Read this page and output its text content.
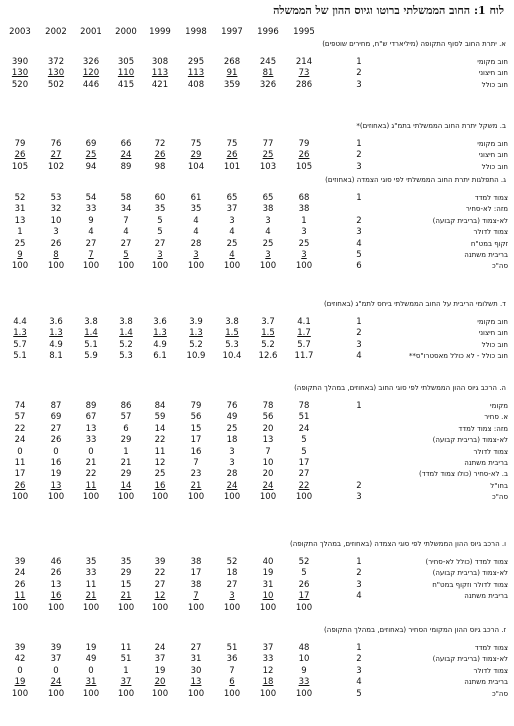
לוח 1: החוב הממשלתי ברוטו וגיוס ההון של הממשלה
2003	2002	2001	2000	1999	1998	1997	1996	1995
א. יתרת החוב לסוף התקופה (מיליארדי ש"ח, מחירים שוטפים)
390	372	326	305	308	295	268	245	214	1	חוב מקומי
130	130	120	110	113	113	91	81	73	2	חוב חיצוני
520	502	446	415	421	408	359	326	286	3	חוב כולל
ב. משקל יתרת החוב הממשלתי בתמ"ג (באחוזים)*
79	76	69	66	72	75	75	77	79	1	חוב מקומי
26	27	25	24	26	29	26	25	26	2	חוב חיצוני
105	102	94	89	98	104	101	103	105	3	חוב כולל
ג. התפלגות יתרת החוב הממשלתי לפי סוגי הצמדה (באחוזים)
52	53	54	58	60	61	65	65	68	1	צמוד למדד
31	32	33	34	35	35	37	38	38	מזה: לא-סחיר
13	10	9	7	5	4	3	3	1	2	לא-צמוד (בריבית קבועה)
1	3	4	4	5	4	4	4	3	3	צמוד לדולר
25	26	27	27	27	28	25	25	25	4	זקוף במט"ח
9	8	7	5	3	3	4	3	3	5	בריבית משתנה
100	100	100	100	100	100	100	100	100	6	סה"כ
ד. תשלומי הריבית על החוב הממשלתי ביחס לתמ"ג (באחוזים)
4.4	3.6	3.8	3.8	3.6	3.9	3.8	3.7	4.1	1	חוב מקומי
1.3	1.3	1.4	1.4	1.3	1.3	1.5	1.5	1.7	2	חוב חיצוני
5.7	4.9	5.1	5.2	4.9	5.2	5.3	5.2	5.7	3	חוב כולל
5.1	8.1	5.9	5.3	6.1	10.9	10.4	12.6	11.7	4	חוב כולל - לא כולל מאסטרו"ס**
ה. הרכב גיוס ההון הממשלתי לפי סוגי החוב (באחוזים, במהלך התקופה)
74	87	89	86	84	79	76	78	78	1	מקומי
57	69	67	57	59	56	49	56	51	א. סחיר
22	27	13	6	14	15	25	20	24	מזה: צמוד למדד
24	26	33	29	22	17	18	13	5	לא-צמוד (בריבית קבועה)
0	0	0	1	11	16	3	7	5	צמוד לדולר
11	16	21	21	12	7	3	10	17	בריבית משתנה
17	19	22	29	25	23	28	20	27	ב. לא-סחיר (כולו צמוד למדד)
26	13	11	14	16	21	24	24	22	2	בחו"ל
100	100	100	100	100	100	100	100	100	3	סה"כ
ו. הרכב גיוס ההון הממשלתי לפי סוגי הצמדה (באחוזים, במהלך התקופה)
39	46	35	35	39	38	52	40	52	1	צמוד למדד (כולל לא-סחיר)
24	26	33	29	22	17	18	19	5	2	לא-צמוד (בריבית קבועה)
26	13	11	15	27	38	27	31	26	3	צמוד לדולר וזקוף במט"ח
11	16	21	21	12	7	3	10	17	4	בריבית משתנה
100	100	100	100	100	100	100	100	100
ז. הרכב גיוס ההון המקומי הסחיר (באחוזים, במהלך התקופה)
39	39	19	11	24	27	51	37	48	1	צמוד למדד
42	37	49	51	37	31	36	33	10	2	לא-צמוד (בריבית קבועה)
0	0	0	1	19	30	7	12	9	3	צמוד לדולר
19	24	31	37	20	13	6	18	33	4	בריבית משתנה
100	100	100	100	100	100	100	100	100	5	סה"כ
